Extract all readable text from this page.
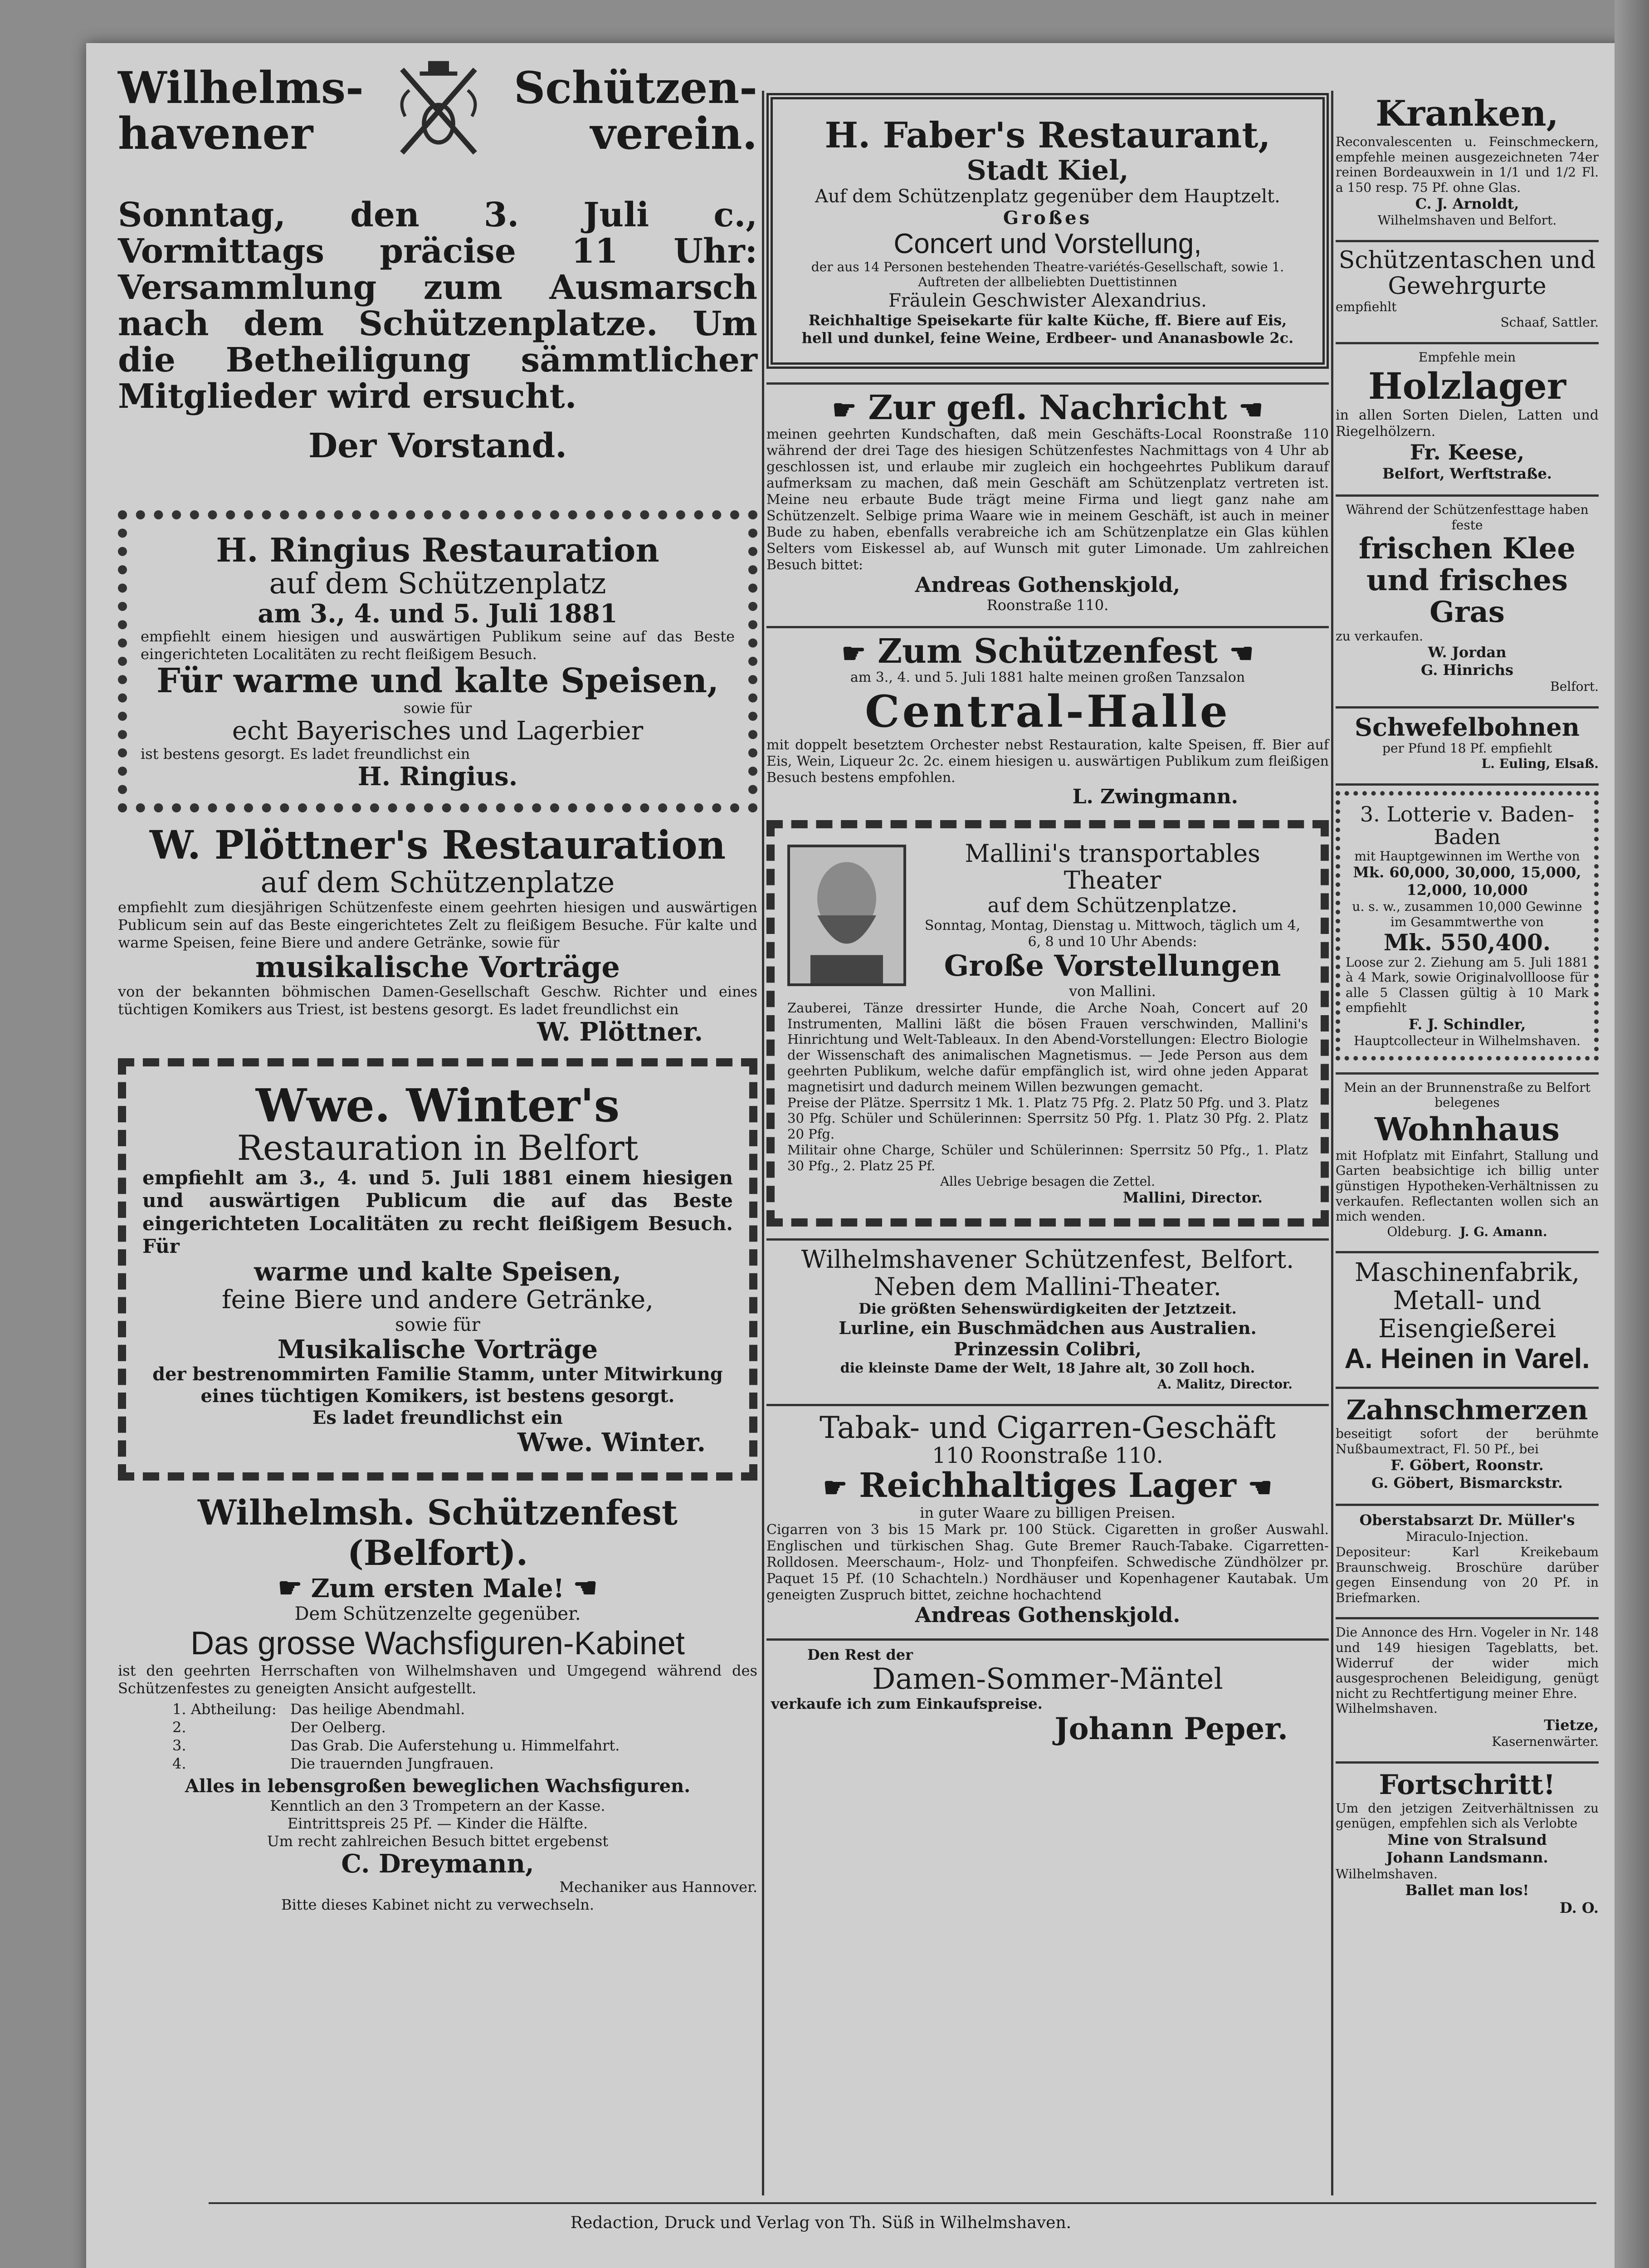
Wilhelms-
havener
Schützen-
verein.

Sonntag, den 3. Juli c., Vormittags präcise 11 Uhr: Versammlung zum Ausmarsch nach dem Schützenplatze. Um die Betheiligung sämmtlicher Mitglieder wird ersucht.

Der Vorstand.

H. Ringius Restauration

auf dem Schützenplatz

am 3., 4. und 5. Juli 1881

empfiehlt einem hiesigen und auswärtigen Publikum seine auf das Beste eingerichteten Localitäten zu recht fleißigem Besuch.

Für warme und kalte Speisen,

sowie für

echt Bayerisches und Lagerbier

ist bestens gesorgt. Es ladet freundlichst ein

H. Ringius.

W. Plöttner's Restauration

auf dem Schützenplatze

empfiehlt zum diesjährigen Schützenfeste einem geehrten hiesigen und auswärtigen Publicum sein auf das Beste eingerichtetes Zelt zu fleißigem Besuche. Für kalte und warme Speisen, feine Biere und andere Getränke, sowie für

musikalische Vorträge

von der bekannten böhmischen Damen-Gesellschaft Geschw. Richter und eines tüchtigen Komikers aus Triest, ist bestens gesorgt. Es ladet freundlichst ein

W. Plöttner.

Wwe. Winter's

Restauration in Belfort

empfiehlt am 3., 4. und 5. Juli 1881 einem hiesigen und auswärtigen Publicum die auf das Beste eingerichteten Localitäten zu recht fleißigem Besuch. Für

warme und kalte Speisen,

feine Biere und andere Getränke,

sowie für

Musikalische Vorträge

der bestrenommirten Familie Stamm, unter Mitwirkung eines tüchtigen Komikers, ist bestens gesorgt.

Es ladet freundlichst ein

Wwe. Winter.

Wilhelmsh. Schützenfest (Belfort).

☛ Zum ersten Male! ☚

Dem Schützenzelte gegenüber.

Das grosse Wachsfiguren-Kabinet

ist den geehrten Herrschaften von Wilhelmshaven und Umgegend während des Schützenfestes zu geneigten Ansicht aufgestellt.

1. Abtheilung: Das heilige Abendmahl.
2.	Der Oelberg.
3.	Das Grab. Die Auferstehung u. Himmelfahrt.
4.	Die trauernden Jungfrauen.

Alles in lebensgroßen beweglichen Wachsfiguren.

Kenntlich an den 3 Trompetern an der Kasse.

Eintrittspreis 25 Pf. — Kinder die Hälfte.

Um recht zahlreichen Besuch bittet ergebenst

C. Dreymann,

Mechaniker aus Hannover.

Bitte dieses Kabinet nicht zu verwechseln.

H. Faber's Restaurant,

Stadt Kiel,

Auf dem Schützenplatz gegenüber dem Hauptzelt.

Großes

Concert und Vorstellung,

der aus 14 Personen bestehenden Theatre-variétés-Gesellschaft, sowie 1. Auftreten der allbeliebten Duettistinnen

Fräulein Geschwister Alexandrius.

Reichhaltige Speisekarte für kalte Küche, ff. Biere auf Eis, hell und dunkel, feine Weine, Erdbeer- und Ananasbowle 2c.

☛ Zur gefl. Nachricht ☚

meinen geehrten Kundschaften, daß mein Geschäfts-Local Roonstraße 110 während der drei Tage des hiesigen Schützenfestes Nachmittags von 4 Uhr ab geschlossen ist, und erlaube mir zugleich ein hochgeehrtes Publikum darauf aufmerksam zu machen, daß mein Geschäft am Schützenplatz vertreten ist. Meine neu erbaute Bude trägt meine Firma und liegt ganz nahe am Schützenzelt. Selbige prima Waare wie in meinem Geschäft, ist auch in meiner Bude zu haben, ebenfalls verabreiche ich am Schützenplatze ein Glas kühlen Selters vom Eiskessel ab, auf Wunsch mit guter Limonade. Um zahlreichen Besuch bittet:

Andreas Gothenskjold,

Roonstraße 110.

☛ Zum Schützenfest ☚

am 3., 4. und 5. Juli 1881 halte meinen großen Tanzsalon

Central-Halle

mit doppelt besetztem Orchester nebst Restauration, kalte Speisen, ff. Bier auf Eis, Wein, Liqueur 2c. 2c. einem hiesigen u. auswärtigen Publikum zum fleißigen Besuch bestens empfohlen.

L. Zwingmann.

Mallini's transportables Theater

auf dem Schützenplatze.

Sonntag, Montag, Dienstag u. Mittwoch, täglich um 4, 6, 8 und 10 Uhr Abends:

Große Vorstellungen

von Mallini.

Zauberei, Tänze dressirter Hunde, die Arche Noah, Concert auf 20 Instrumenten, Mallini läßt die bösen Frauen verschwinden, Mallini's Hinrichtung und Welt-Tableaux. In den Abend-Vorstellungen: Electro Biologie der Wissenschaft des animalischen Magnetismus. — Jede Person aus dem geehrten Publikum, welche dafür empfänglich ist, wird ohne jeden Apparat magnetisirt und dadurch meinem Willen bezwungen gemacht.

Preise der Plätze. Sperrsitz 1 Mk. 1. Platz 75 Pfg. 2. Platz 50 Pfg. und 3. Platz 30 Pfg. Schüler und Schülerinnen: Sperrsitz 50 Pfg. 1. Platz 30 Pfg. 2. Platz 20 Pfg.

Militair ohne Charge, Schüler und Schülerinnen: Sperrsitz 50 Pfg., 1. Platz 30 Pfg., 2. Platz 25 Pf.

Alles Uebrige besagen die Zettel.

Mallini, Director.

Wilhelmshavener Schützenfest, Belfort.

Neben dem Mallini-Theater.

Die größten Sehenswürdigkeiten der Jetztzeit.

Lurline, ein Buschmädchen aus Australien.

Prinzessin Colibri,

die kleinste Dame der Welt, 18 Jahre alt, 30 Zoll hoch.

A. Malitz, Director.

Tabak- und Cigarren-Geschäft

110 Roonstraße 110.

☛ Reichhaltiges Lager ☚

in guter Waare zu billigen Preisen.

Cigarren von 3 bis 15 Mark pr. 100 Stück. Cigaretten in großer Auswahl. Englischen und türkischen Shag. Gute Bremer Rauch-Tabake. Cigarretten-Rolldosen. Meerschaum-, Holz- und Thonpfeifen. Schwedische Zündhölzer pr. Paquet 15 Pf. (10 Schachteln.) Nordhäuser und Kopenhagener Kautabak. Um geneigten Zuspruch bittet, zeichne hochachtend

Andreas Gothenskjold.

Den Rest der

Damen-Sommer-Mäntel

verkaufe ich zum Einkaufspreise.

Johann Peper.

Kranken,

Reconvalescenten u. Feinschmeckern, empfehle meinen ausgezeichneten 74er reinen Bordeauxwein in 1/1 und 1/2 Fl. a 150 resp. 75 Pf. ohne Glas.

C. J. Arnoldt,

Wilhelmshaven und Belfort.

Schützentaschen und Gewehrgurte

empfiehlt

Schaaf, Sattler.

Empfehle mein

Holzlager

in allen Sorten Dielen, Latten und Riegelhölzern.

Fr. Keese,

Belfort, Werftstraße.

Während der Schützenfesttage haben feste

frischen Klee und frisches Gras

zu verkaufen.

W. Jordan

G. Hinrichs

Belfort.

Schwefelbohnen

per Pfund 18 Pf. empfiehlt

L. Euling, Elsaß.

3. Lotterie v. Baden-Baden

mit Hauptgewinnen im Werthe von

Mk. 60,000, 30,000, 15,000, 12,000, 10,000

u. s. w., zusammen 10,000 Gewinne im Gesammtwerthe von

Mk. 550,400.

Loose zur 2. Ziehung am 5. Juli 1881 à 4 Mark, sowie Originalvollloose für alle 5 Classen gültig à 10 Mark empfiehlt

F. J. Schindler,

Hauptcollecteur in Wilhelmshaven.

Mein an der Brunnenstraße zu Belfort belegenes

Wohnhaus

mit Hofplatz mit Einfahrt, Stallung und Garten beabsichtige ich billig unter günstigen Hypotheken-Verhältnissen zu verkaufen. Reflectanten wollen sich an mich wenden.

Oldeburg. J. G. Amann.

Maschinenfabrik, Metall- und Eisengießerei

A. Heinen in Varel.

Zahnschmerzen

beseitigt sofort der berühmte Nußbaumextract, Fl. 50 Pf., bei

F. Göbert, Roonstr.

G. Göbert, Bismarckstr.

Oberstabsarzt Dr. Müller's

Miraculo-Injection.

Depositeur: Karl Kreikebaum Braunschweig. Broschüre darüber gegen Einsendung von 20 Pf. in Briefmarken.

Die Annonce des Hrn. Vogeler in Nr. 148 und 149 hiesigen Tageblatts, bet. Widerruf der wider mich ausgesprochenen Beleidigung, genügt nicht zu Rechtfertigung meiner Ehre.

Wilhelmshaven.

Tietze,

Kasernenwärter.

Fortschritt!

Um den jetzigen Zeitverhältnissen zu genügen, empfehlen sich als Verlobte

Mine von Stralsund

Johann Landsmann.

Wilhelmshaven.

Ballet man los!

D. O.

Redaction, Druck und Verlag von Th. Süß in Wilhelmshaven.
